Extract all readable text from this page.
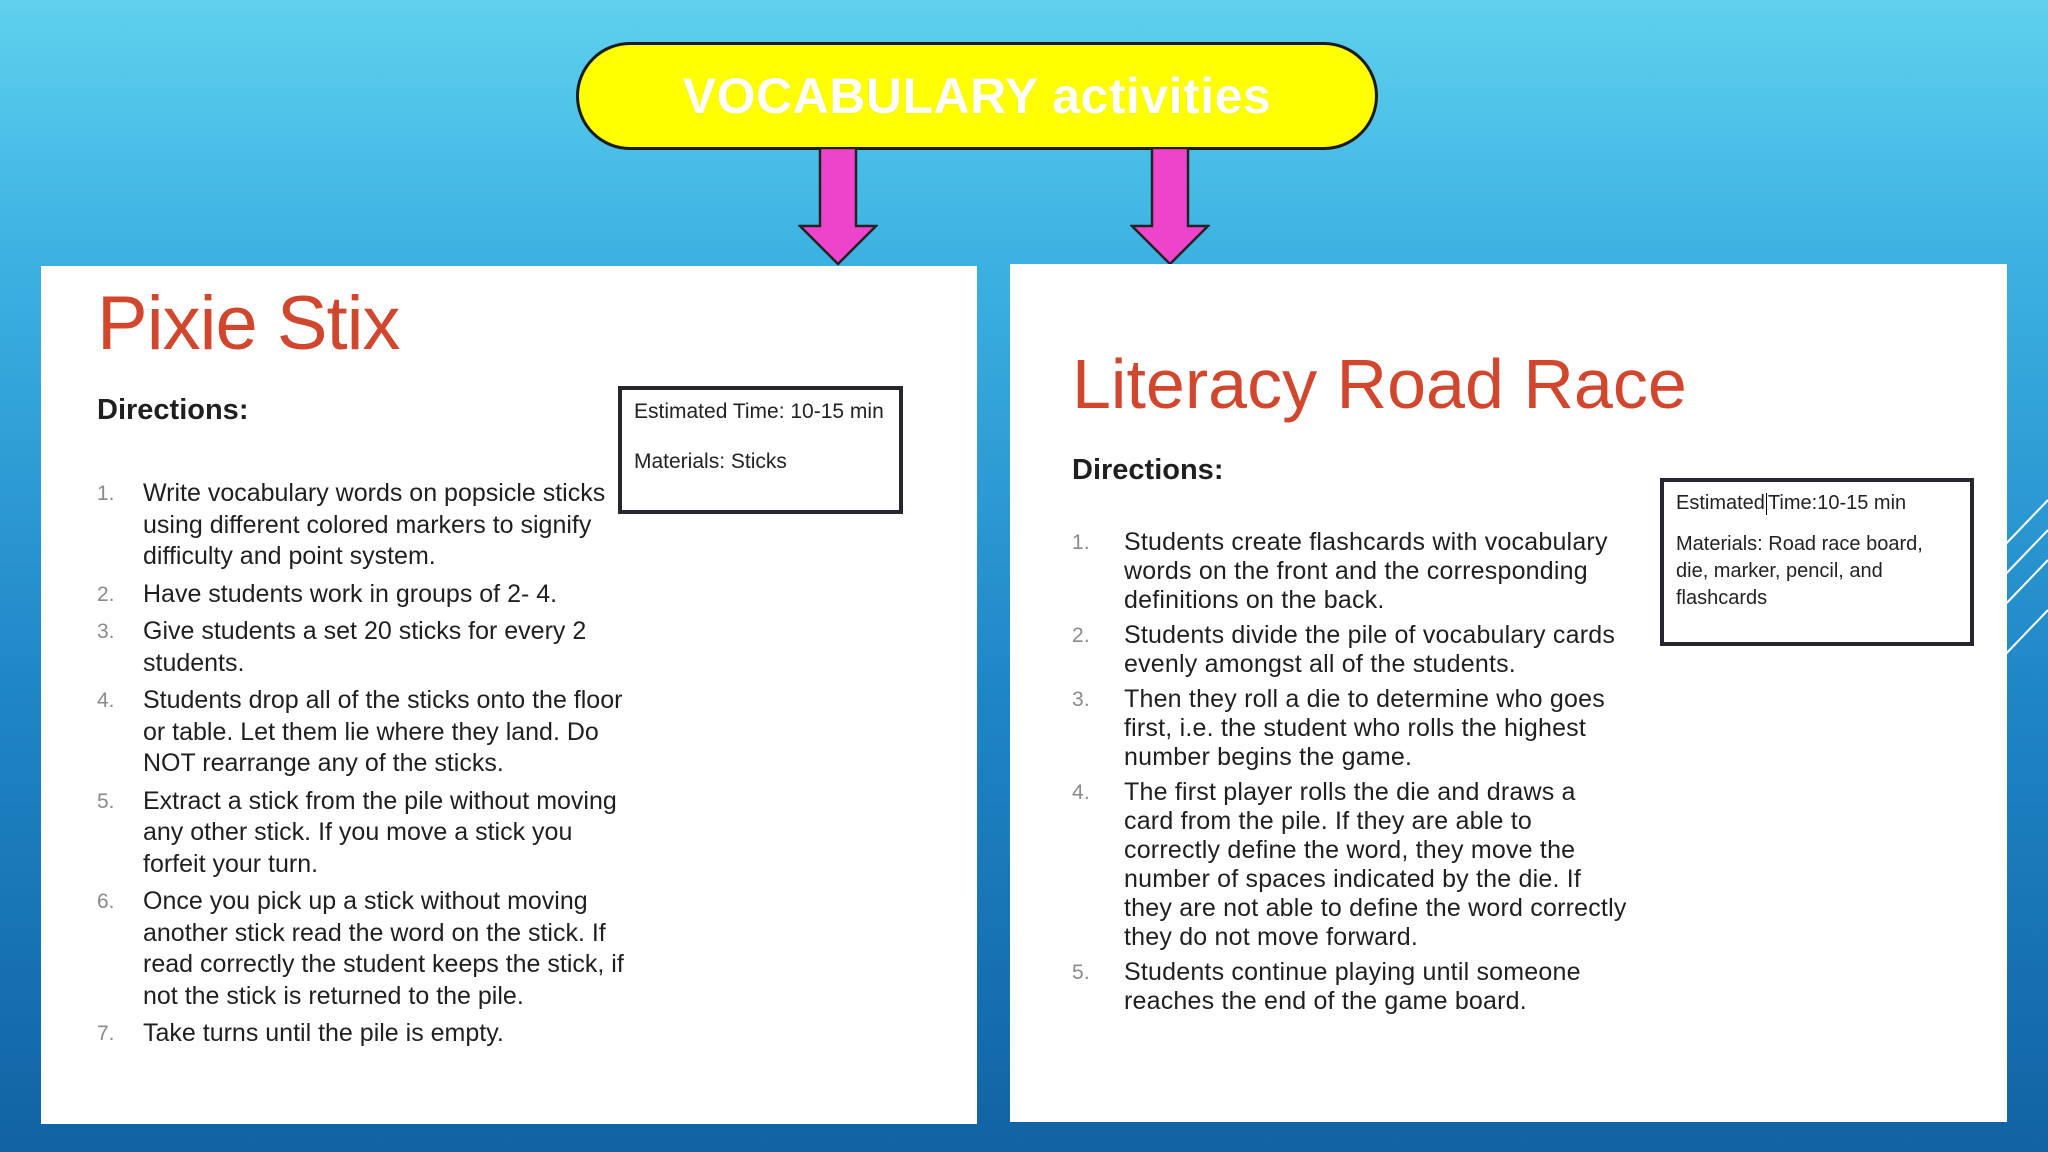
VOCABULARY activities
Pixie Stix
Directions:	Estimated Time: 10-15 min

Materials: Sticks

1. Write vocabulary words on popsicle sticks using different colored markers to signify difficulty and point system.
2. Have students work in groups of 2- 4.
3. Give students a set 20 sticks for every 2 students.
4. Students drop all of the sticks onto the floor or table. Let them lie where they land. Do NOT rearrange any of the sticks.
5. Extract a stick from the pile without moving any other stick. If you move a stick you forfeit your turn.
6. Once you pick up a stick without moving another stick read the word on the stick. If read correctly the student keeps the stick, if not the stick is returned to the pile.
7. Take turns until the pile is empty.
Literacy Road Race
Directions:

Estimated Time:10-15 min

Materials: Road race board, die, marker, pencil, and flashcards

1. Students create flashcards with vocabulary words on the front and the corresponding definitions on the back.
2. Students divide the pile of vocabulary cards evenly amongst all of the students.
3. Then they roll a die to determine who goes first, i.e. the student who rolls the highest number begins the game.
4. The first player rolls the die and draws a card from the pile. If they are able to correctly define the word, they move the number of spaces indicated by the die. If they are not able to define the word correctly they do not move forward.
5. Students continue playing until someone reaches the end of the game board.
